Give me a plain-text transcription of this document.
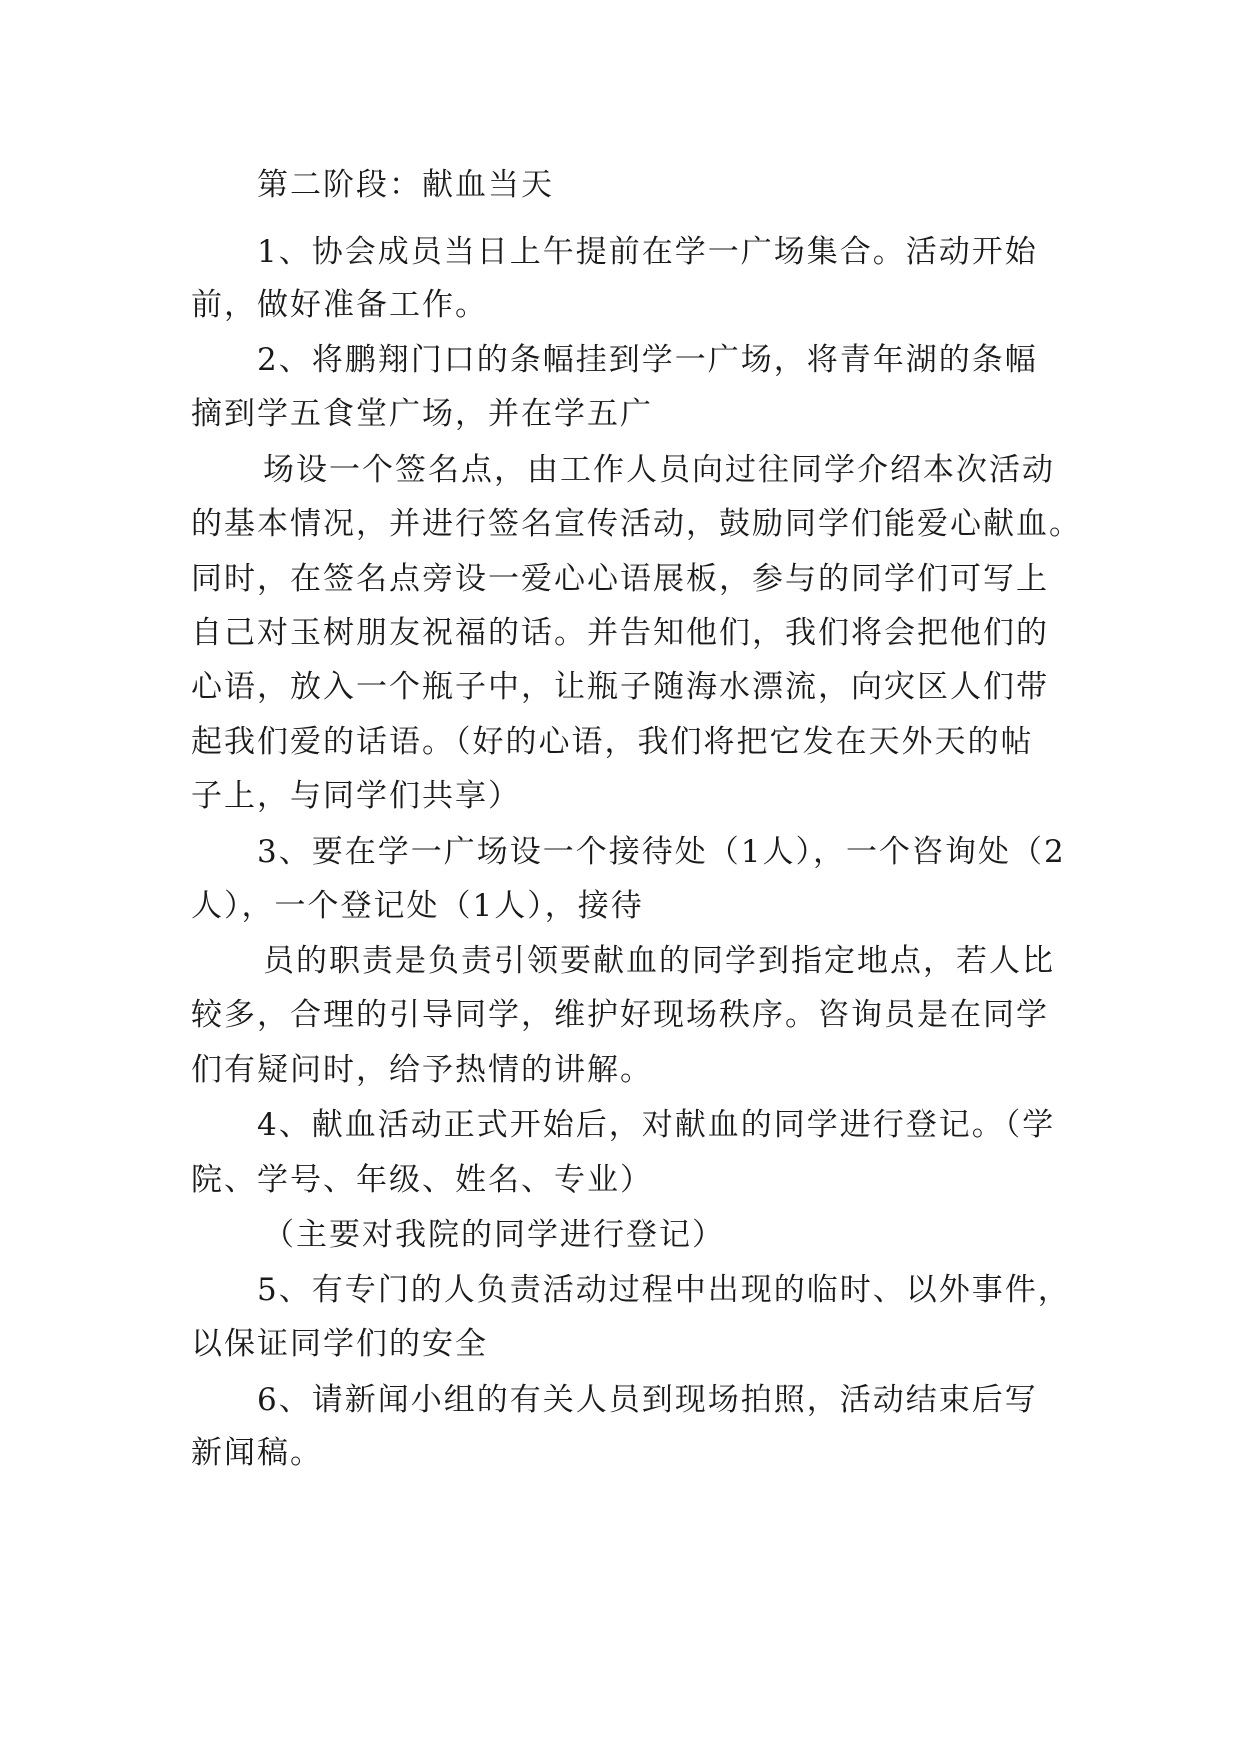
第二阶段：献血当天
1、协会成员当日上午提前在学一广场集合。活动开始
前，做好准备工作。
2、将鹏翔门口的条幅挂到学一广场，将青年湖的条幅
摘到学五食堂广场，并在学五广
场设一个签名点，由工作人员向过往同学介绍本次活动
的基本情况，并进行签名宣传活动，鼓励同学们能爱心献血。
同时，在签名点旁设一爱心心语展板，参与的同学们可写上
自己对玉树朋友祝福的话。并告知他们，我们将会把他们的
心语，放入一个瓶子中，让瓶子随海水漂流，向灾区人们带
起我们爱的话语。（好的心语，我们将把它发在天外天的帖
子上，与同学们共享）
3、要在学一广场设一个接待处（1人），一个咨询处（2
人），一个登记处（1人），接待
员的职责是负责引领要献血的同学到指定地点，若人比
较多，合理的引导同学，维护好现场秩序。咨询员是在同学
们有疑问时，给予热情的讲解。
4、献血活动正式开始后，对献血的同学进行登记。（学
院、学号、年级、姓名、专业）
（主要对我院的同学进行登记）
5、有专门的人负责活动过程中出现的临时、以外事件，
以保证同学们的安全
6、请新闻小组的有关人员到现场拍照，活动结束后写
新闻稿。
